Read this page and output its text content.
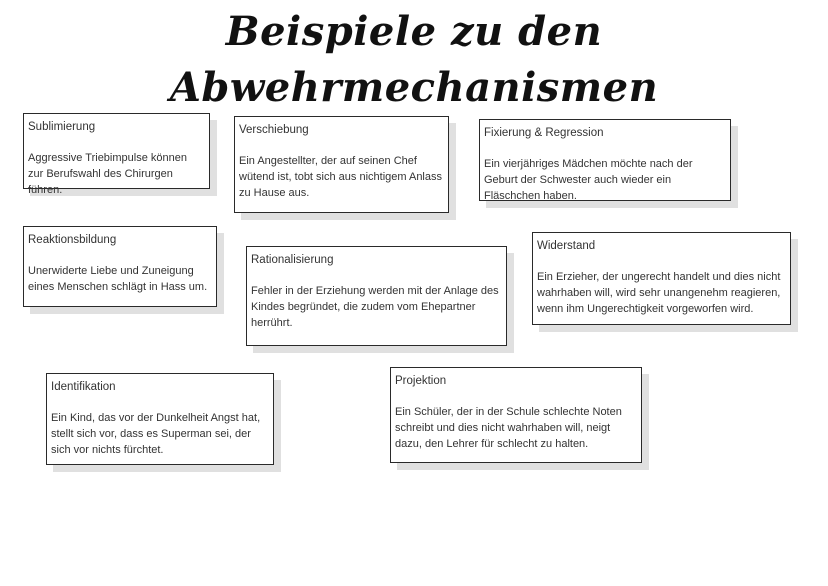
Beispiele zu den Abwehrmechanismen
Sublimierung
Aggressive Triebimpulse können zur Berufswahl des Chirurgen führen.
Verschiebung
Ein Angestellter, der auf seinen Chef wütend ist, tobt sich aus nichtigem Anlass zu Hause aus.
Fixierung & Regression
Ein vierjähriges Mädchen möchte nach der Geburt der Schwester auch wieder ein Fläschchen haben.
Reaktionsbildung
Unerwiderte Liebe und Zuneigung eines Menschen schlägt in Hass um.
Rationalisierung
Fehler in der Erziehung werden mit der Anlage des Kindes begründet, die zudem vom Ehepartner herrührt.
Widerstand
Ein Erzieher, der ungerecht handelt und dies nicht wahrhaben will, wird sehr unangenehm reagieren, wenn ihm Ungerechtigkeit vorgeworfen wird.
Identifikation
Ein Kind, das vor der Dunkelheit Angst hat, stellt sich vor, dass es Superman sei, der sich vor nichts fürchtet.
Projektion
Ein Schüler, der in der Schule schlechte Noten schreibt und dies nicht wahrhaben will, neigt dazu, den Lehrer für schlecht zu halten.
